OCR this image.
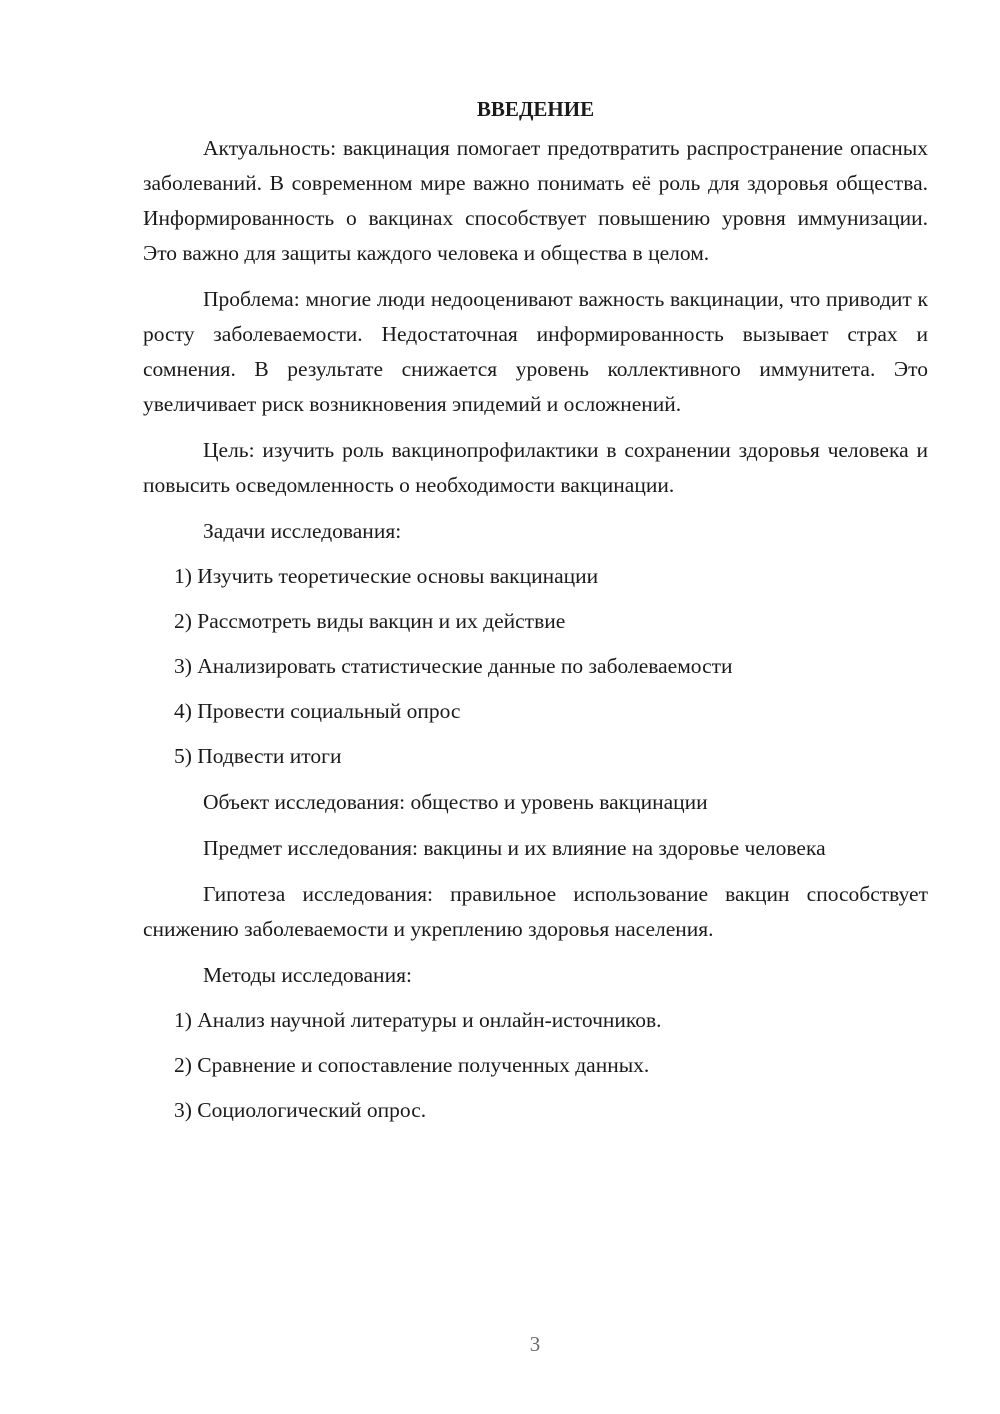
ВВЕДЕНИЕ

Актуальность: вакцинация помогает предотвратить распространение опасных заболеваний. В современном мире важно понимать её роль для здоровья общества. Информированность о вакцинах способствует повышению уровня иммунизации. Это важно для защиты каждого человека и общества в целом.

Проблема: многие люди недооценивают важность вакцинации, что приводит к росту заболеваемости. Недостаточная информированность вызывает страх и сомнения. В результате снижается уровень коллективного иммунитета. Это увеличивает риск возникновения эпидемий и осложнений.

Цель: изучить роль вакцинопрофилактики в сохранении здоровья человека и повысить осведомленность о необходимости вакцинации.

Задачи исследования:

1) Изучить теоретические основы вакцинации

2) Рассмотреть виды вакцин и их действие

3) Анализировать статистические данные по заболеваемости

4) Провести социальный опрос

5) Подвести итоги

Объект исследования: общество и уровень вакцинации

Предмет исследования: вакцины и их влияние на здоровье человека

Гипотеза исследования: правильное использование вакцин способствует снижению заболеваемости и укреплению здоровья населения.

Методы исследования:

1) Анализ научной литературы и онлайн-источников.

2) Сравнение и сопоставление полученных данных.

3) Социологический опрос.

3
